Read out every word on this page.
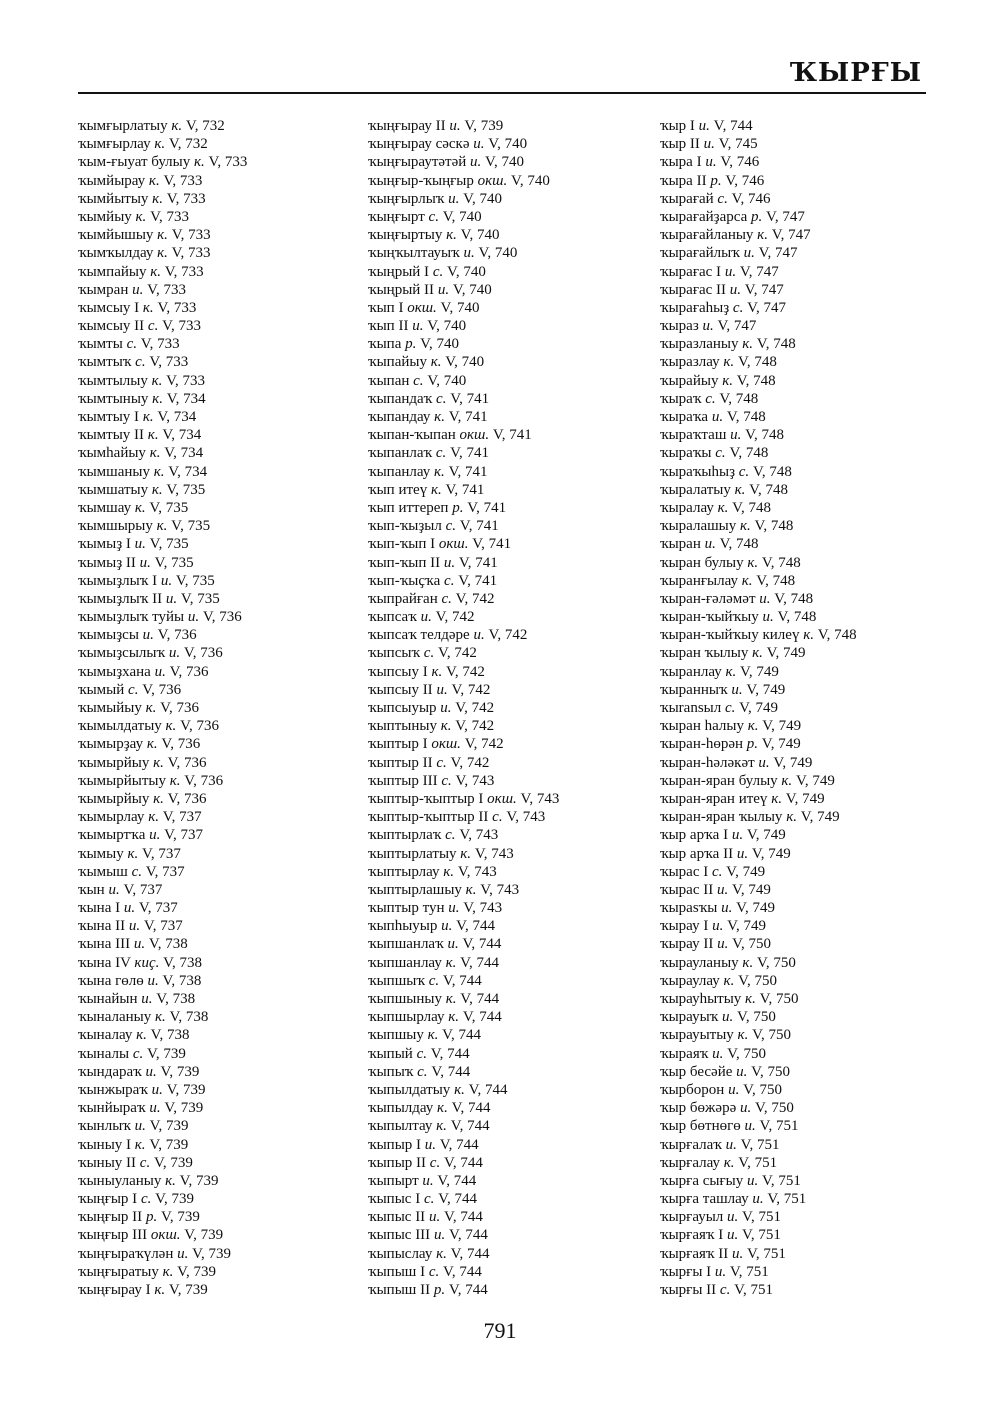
ҠЫРҒЫ
ҡымғырлатыу к. V, 732
ҡымғырлау к. V, 732
ҡым-ғыуат булыу к. V, 733
ҡымйырау к. V, 733
ҡымйытыу к. V, 733
ҡымйыу к. V, 733
ҡымйышыу к. V, 733
ҡымҡылдау к. V, 733
ҡымпайыу к. V, 733
ҡымран и. V, 733
ҡымсыу I к. V, 733
ҡымсыу II с. V, 733
ҡымты с. V, 733
ҡымтыҡ с. V, 733
ҡымтылыу к. V, 733
ҡымтыныу к. V, 734
ҡымтыу I к. V, 734
ҡымтыу II к. V, 734
ҡымһайыу к. V, 734
ҡымшаныу к. V, 734
ҡымшатыу к. V, 735
ҡымшау к. V, 735
ҡымшырыу к. V, 735
ҡымыҙ I и. V, 735
ҡымыҙ II и. V, 735
ҡымыҙлыҡ I и. V, 735
ҡымыҙлыҡ II и. V, 735
ҡымыҙлыҡ туйы и. V, 736
ҡымыҙсы и. V, 736
ҡымыҙсылыҡ и. V, 736
ҡымыҙхана и. V, 736
ҡымый с. V, 736
ҡымыйыу к. V, 736
ҡымылдатыу к. V, 736
ҡымырҙау к. V, 736
ҡымырйыу к. V, 736
ҡымырйытыу к. V, 736
ҡымырйыу к. V, 736
ҡымырлау к. V, 737
ҡымыртҡа и. V, 737
ҡымыу к. V, 737
ҡымыш с. V, 737
ҡын и. V, 737
ҡына I и. V, 737
ҡына II и. V, 737
ҡына III и. V, 738
ҡына IV киҫ. V, 738
ҡына гөлө и. V, 738
ҡынайын и. V, 738
ҡыналаныу к. V, 738
ҡыналау к. V, 738
ҡыналы с. V, 739
ҡындараҡ и. V, 739
ҡынжыраҡ и. V, 739
ҡынйыраҡ и. V, 739
ҡынлыҡ и. V, 739
ҡыныу I к. V, 739
ҡыныу II с. V, 739
ҡыныуланыу к. V, 739
ҡыңғыр I с. V, 739
ҡыңғыр II р. V, 739
ҡыңғыр III окш. V, 739
ҡыңғыраҡүлән и. V, 739
ҡыңғыратыу к. V, 739
ҡыңғырау I к. V, 739
ҡыңғырау II и. V, 739
ҡыңғырау сәскә и. V, 740
ҡыңғыраутәтәй и. V, 740
ҡыңғыр-ҡыңғыр окш. V, 740
ҡыңғырлыҡ и. V, 740
ҡыңғырт с. V, 740
ҡыңғыртыу к. V, 740
ҡыңҡылтауыҡ и. V, 740
ҡыңрый I с. V, 740
ҡыңрый II и. V, 740
ҡып I окш. V, 740
ҡып II и. V, 740
ҡыпа р. V, 740
ҡыпайыу к. V, 740
ҡыпан с. V, 740
ҡыпандаҡ с. V, 741
ҡыпандау к. V, 741
ҡыпан-ҡыпан окш. V, 741
ҡыпанлаҡ с. V, 741
ҡыпанлау к. V, 741
ҡып итеү к. V, 741
ҡып иттереп р. V, 741
ҡып-ҡыҙыл с. V, 741
ҡып-ҡып I окш. V, 741
ҡып-ҡып II и. V, 741
ҡып-ҡыҫҡа с. V, 741
ҡыпрайған с. V, 742
ҡыпсаҡ и. V, 742
ҡыпсаҡ телдәре и. V, 742
ҡыпсыҡ с. V, 742
ҡыпсыу I к. V, 742
ҡыпсыу II и. V, 742
ҡыпсыуыр и. V, 742
ҡыптыныу к. V, 742
ҡыптыр I окш. V, 742
ҡыптыр II с. V, 742
ҡыптыр III с. V, 743
ҡыптыр-ҡыптыр I окш. V, 743
ҡыптыр-ҡыптыр II с. V, 743
ҡыптырлаҡ с. V, 743
ҡыптырлатыу к. V, 743
ҡыптырлау к. V, 743
ҡыптырлашыу к. V, 743
ҡыптыр тун и. V, 743
ҡыпһыуыр и. V, 744
ҡыпшанлаҡ и. V, 744
ҡыпшанлау к. V, 744
ҡыпшыҡ с. V, 744
ҡыпшыныу к. V, 744
ҡыпшырлау к. V, 744
ҡыпшыу к. V, 744
ҡыпый с. V, 744
ҡыпыҡ с. V, 744
ҡыпылдатыу к. V, 744
ҡыпылдау к. V, 744
ҡыпылтау к. V, 744
ҡыпыр I и. V, 744
ҡыпыр II с. V, 744
ҡыпырт и. V, 744
ҡыпыс I с. V, 744
ҡыпыс II и. V, 744
ҡыпыс III и. V, 744
ҡыпыслау к. V, 744
ҡыпыш I с. V, 744
ҡыпыш II р. V, 744
ҡыр I и. V, 744
ҡыр II и. V, 745
ҡыра I и. V, 746
ҡыра II р. V, 746
ҡырағай с. V, 746
ҡырағайҙарса р. V, 747
ҡырағайланыу к. V, 747
ҡырағайлыҡ и. V, 747
ҡырағас I и. V, 747
ҡырағас II и. V, 747
ҡырағаһыҙ с. V, 747
ҡыраз и. V, 747
ҡыразланыу к. V, 748
ҡыразлау к. V, 748
ҡырайыу к. V, 748
ҡыраҡ с. V, 748
ҡыраҡа и. V, 748
ҡыраҡташ и. V, 748
ҡыраҡы с. V, 748
ҡыраҡыһыҙ с. V, 748
ҡыралатыу к. V, 748
ҡыралау к. V, 748
ҡыралашыу к. V, 748
ҡыран и. V, 748
ҡыран булыу к. V, 748
ҡыранғылау к. V, 748
ҡыран-ғәләмәт и. V, 748
ҡыран-ҡыйҡыу и. V, 748
ҡыран-ҡыйҡыу килеү к. V, 748
ҡыран ҡылыу к. V, 749
ҡыранлау к. V, 749
ҡыранныҡ и. V, 749
ҡыransыл с. V, 749
ҡыран һалыу к. V, 749
ҡыран-һөрән р. V, 749
ҡыран-һәләкәт и. V, 749
ҡыран-яран булыу к. V, 749
ҡыран-яран итеү к. V, 749
ҡыран-яран ҡылыу к. V, 749
ҡыр арҡа I и. V, 749
ҡыр арҡа II и. V, 749
ҡырас I с. V, 749
ҡырас II и. V, 749
ҡыраsҡы и. V, 749
ҡырау I и. V, 749
ҡырау II и. V, 750
ҡырауланыу к. V, 750
ҡыраулау к. V, 750
ҡырауһытыу к. V, 750
ҡырауыҡ и. V, 750
ҡырауытыу к. V, 750
ҡыраяҡ и. V, 750
ҡыр бесәйе и. V, 750
ҡырборон и. V, 750
ҡыр бөжәрә и. V, 750
ҡыр бөтнөгө и. V, 751
ҡырғалаҡ и. V, 751
ҡырғалау к. V, 751
ҡырға сығыу и. V, 751
ҡырға ташлау и. V, 751
ҡырғауыл и. V, 751
ҡырғаяҡ I и. V, 751
ҡырғаяҡ II и. V, 751
ҡырғы I и. V, 751
ҡырғы II с. V, 751
791
